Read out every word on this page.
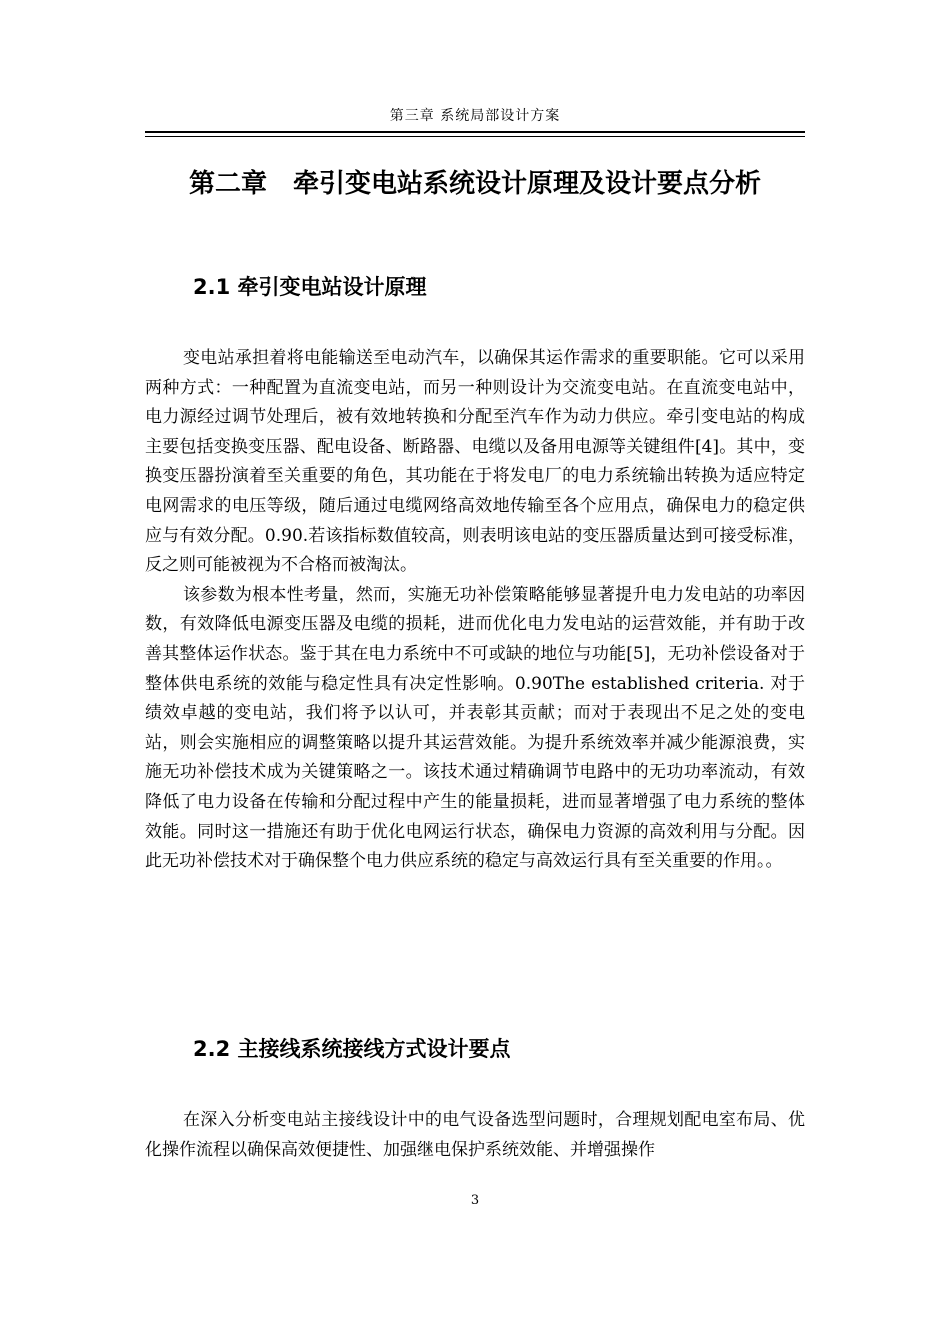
第三章 系统局部设计方案
第二章　牵引变电站系统设计原理及设计要点分析
2.1 牵引变电站设计原理

变电站承担着将电能输送至电动汽车，以确保其运作需求的重要职能。它可以采用两种方式：一种配置为直流变电站，而另一种则设计为交流变电站。在直流变电站中，电力源经过调节处理后，被有效地转换和分配至汽车作为动力供应。牵引变电站的构成主要包括变换变压器、配电设备、断路器、电缆以及备用电源等关键组件[4]。其中，变换变压器扮演着至关重要的角色，其功能在于将发电厂的电力系统输出转换为适应特定电网需求的电压等级，随后通过电缆网络高效地传输至各个应用点，确保电力的稳定供应与有效分配。0.90.若该指标数值较高，则表明该电站的变压器质量达到可接受标准，反之则可能被视为不合格而被淘汰。

该参数为根本性考量，然而，实施无功补偿策略能够显著提升电力发电站的功率因数，有效降低电源变压器及电缆的损耗，进而优化电力发电站的运营效能，并有助于改善其整体运作状态。鉴于其在电力系统中不可或缺的地位与功能[5]，无功补偿设备对于整体供电系统的效能与稳定性具有决定性影响。0.90The established criteria. 对于绩效卓越的变电站，我们将予以认可，并表彰其贡献；而对于表现出不足之处的变电站，则会实施相应的调整策略以提升其运营效能。为提升系统效率并减少能源浪费，实施无功补偿技术成为关键策略之一。该技术通过精确调节电路中的无功功率流动，有效降低了电力设备在传输和分配过程中产生的能量损耗，进而显著增强了电力系统的整体效能。同时这一措施还有助于优化电网运行状态，确保电力资源的高效利用与分配。因此无功补偿技术对于确保整个电力供应系统的稳定与高效运行具有至关重要的作用。。

2.2 主接线系统接线方式设计要点

在深入分析变电站主接线设计中的电气设备选型问题时，合理规划配电室布局、优化操作流程以确保高效便捷性、加强继电保护系统效能、并增强操作

3
